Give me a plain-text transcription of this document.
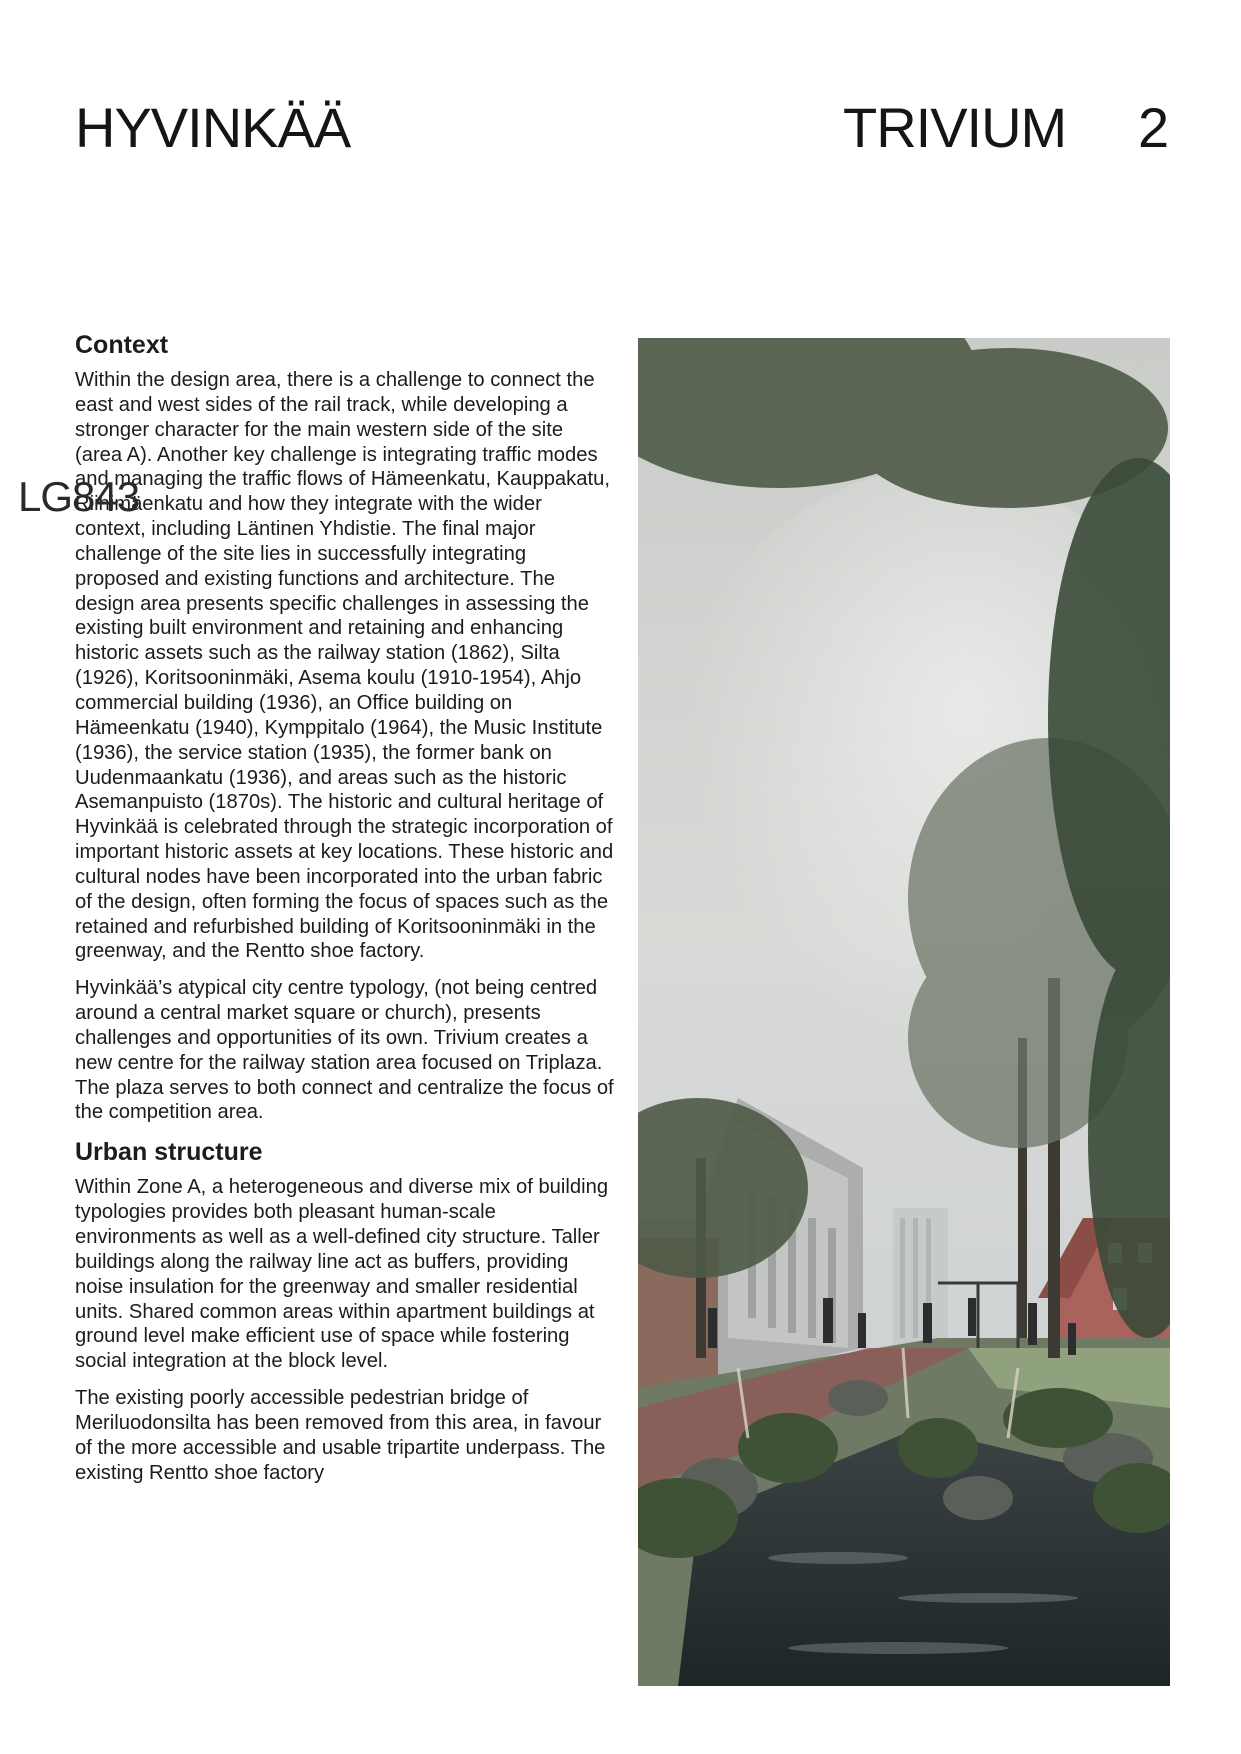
HYVINKÄÄ	TRIVIUM 2
Context

Within the design area, there is a challenge to connect the east and west sides of the rail track, while developing a stronger character for the main western side of the site (area A). Another key challenge is integrating traffic modes and managing the traffic flows of Hämeenkatu, Kauppakatu, Riihimäenkatu and how they integrate with the wider context, including Läntinen Yhdistie. The final major challenge of the site lies in successfully integrating proposed and existing functions and architecture. The design area presents specific challenges in assessing the existing built environment and retaining and enhancing historic assets such as the railway station (1862), Silta (1926), Koritsooninmäki, Asema koulu (1910-1954), Ahjo commercial building (1936), an Office building on Hämeenkatu (1940), Kymppitalo (1964), the Music Institute (1936), the service station (1935), the former bank on Uudenmaankatu (1936), and areas such as the historic Asemanpuisto (1870s). The historic and cultural heritage of Hyvinkää is celebrated through the strategic incorporation of important historic assets at key locations. These historic and cultural nodes have been incorporated into the urban fabric of the design, often forming the focus of spaces such as the retained and refurbished building of Koritsooninmäki in the greenway, and the Rentto shoe factory.

Hyvinkää’s atypical city centre typology, (not being centred around a central market square or church), presents challenges and opportunities of its own. Trivium creates a new centre for the railway station area focused on Triplaza. The plaza serves to both connect and centralize the focus of the competition area.

Urban structure

Within Zone A, a heterogeneous and diverse mix of building typologies provides both pleasant human-scale environments as well as a well-defined city structure. Taller buildings along the railway line act as buffers, providing noise insulation for the greenway and smaller residential units. Shared common areas within apartment buildings at ground level make efficient use of space while fostering social integration at the block level.

The existing poorly accessible pedestrian bridge of Meriluodonsilta has been removed from this area, in favour of the more accessible and usable tripartite underpass. The existing Rentto shoe factory

LG843
